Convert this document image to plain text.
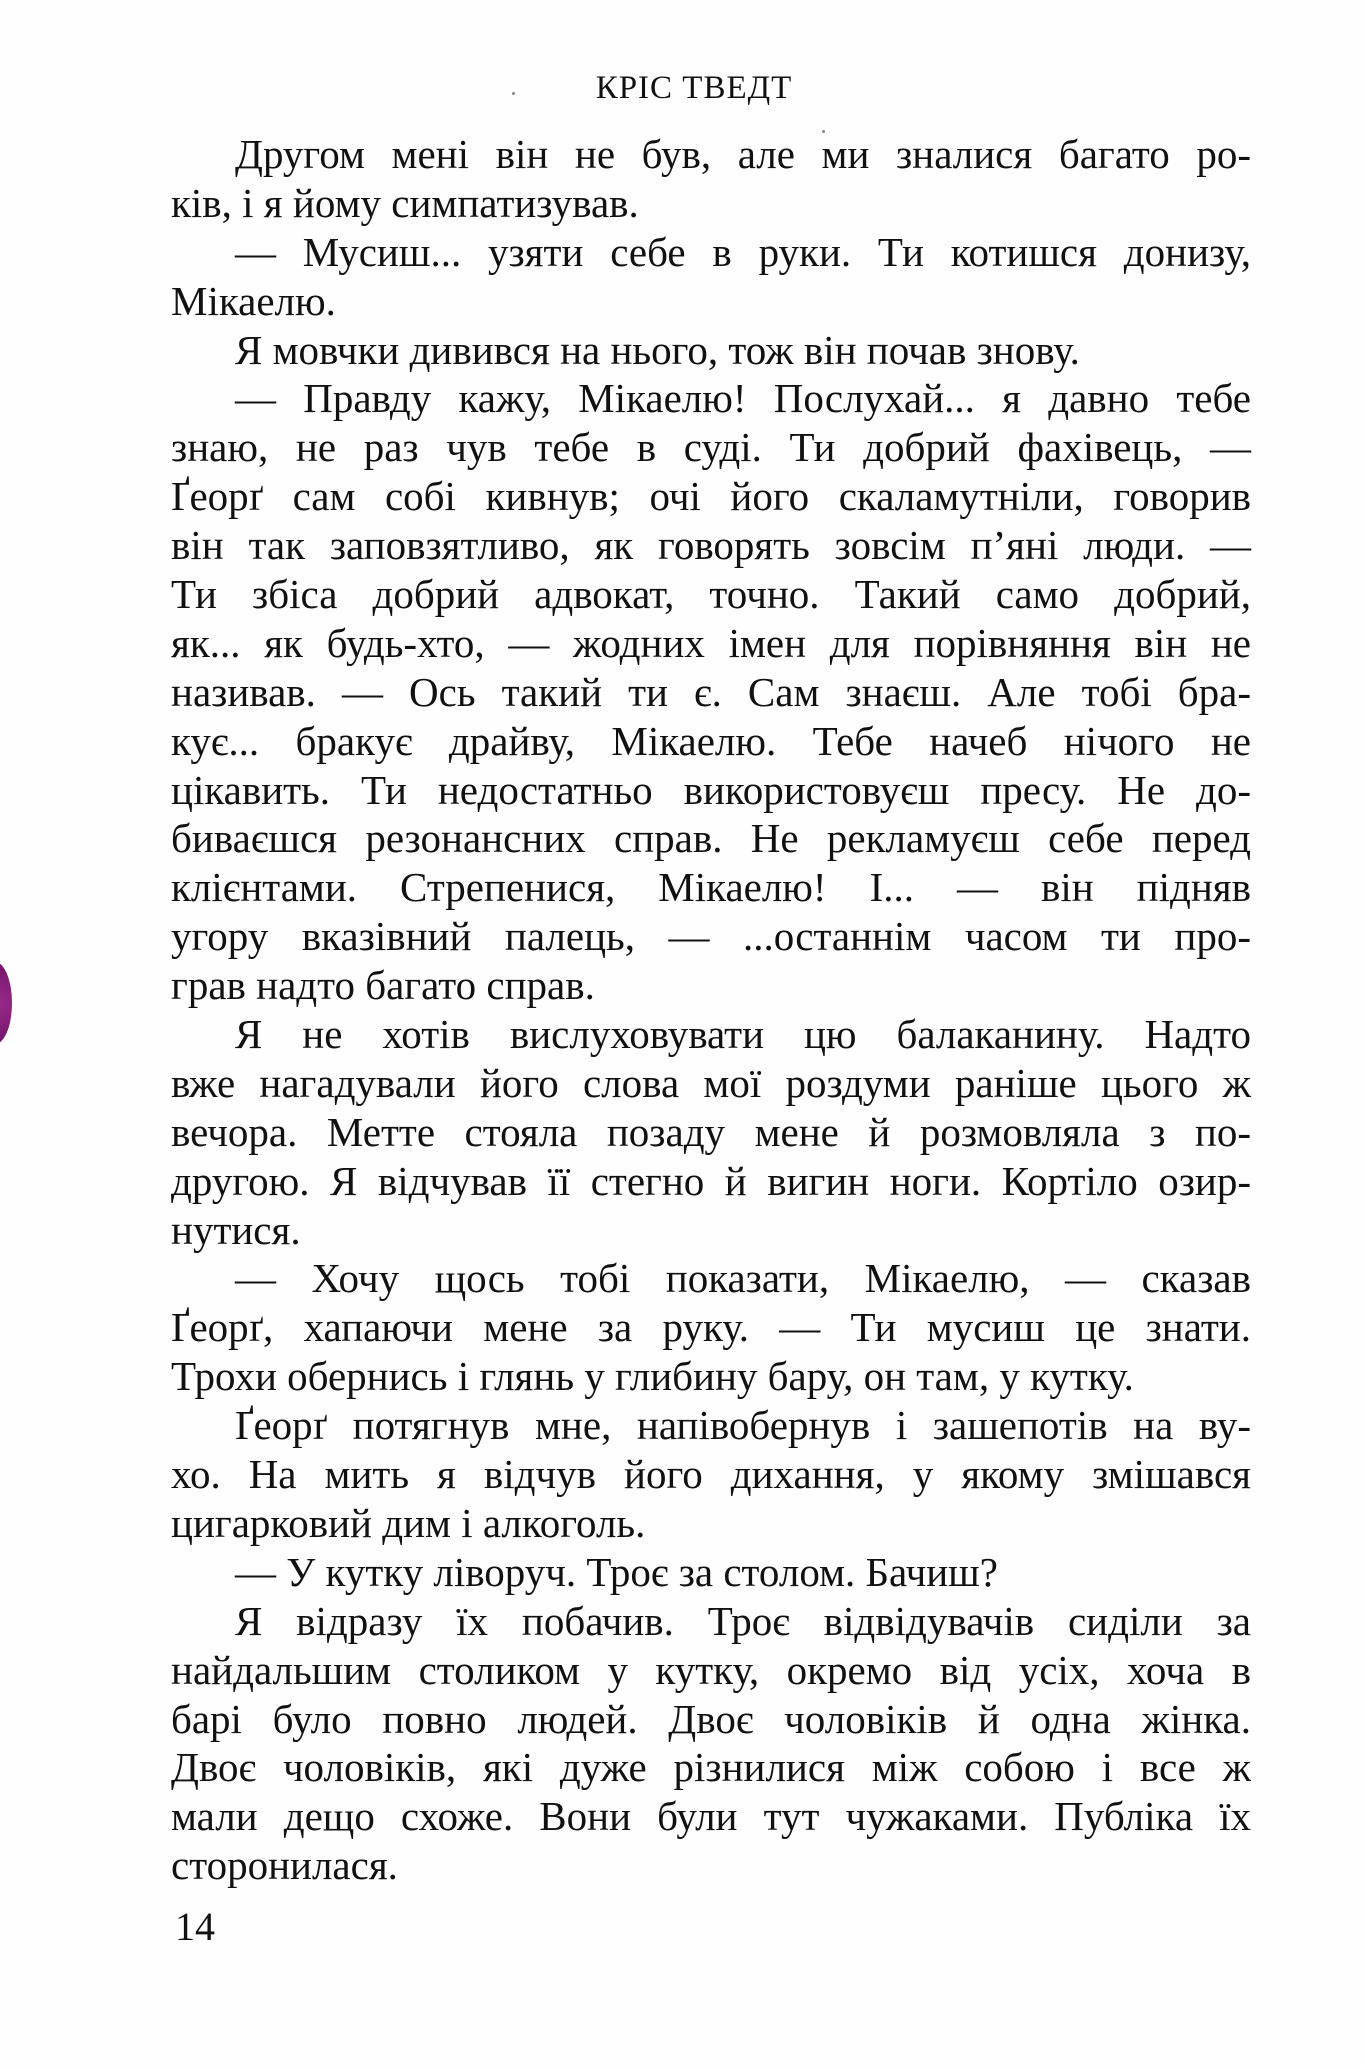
КРІС ТВЕДТ
Другом мені він не був, але ми зналися багато ро-
ків, і я йому симпатизував.
— Мусиш... узяти себе в руки. Ти котишся донизу,
Мікаелю.
Я мовчки дивився на нього, тож він почав знову.
— Правду кажу, Мікаелю! Послухай... я давно тебе
знаю, не раз чув тебе в суді. Ти добрий фахівець, —
Ґеорґ сам собі кивнув; очі його скаламутніли, говорив
він так заповзятливо, як говорять зовсім п’яні люди. —
Ти збіса добрий адвокат, точно. Такий само добрий,
як... як будь-хто, — жодних імен для порівняння він не
називав. — Ось такий ти є. Сам знаєш. Але тобі бра-
кує... бракує драйву, Мікаелю. Тебе начеб нічого не
цікавить. Ти недостатньо використовуєш пресу. Не до-
биваєшся резонансних справ. Не рекламуєш себе перед
клієнтами. Стрепенися, Мікаелю! І... — він підняв
угору вказівний палець, — ...останнім часом ти про-
грав надто багато справ.
Я не хотів вислуховувати цю балаканину. Надто
вже нагадували його слова мої роздуми раніше цього ж
вечора. Метте стояла позаду мене й розмовляла з по-
другою. Я відчував її стегно й вигин ноги. Кортіло озир-
нутися.
— Хочу щось тобі показати, Мікаелю, — сказав
Ґеорґ, хапаючи мене за руку. — Ти мусиш це знати.
Трохи обернись і глянь у глибину бару, он там, у кутку.
Ґеорґ потягнув мне, напівобернув і зашепотів на ву-
хо. На мить я відчув його дихання, у якому змішався
цигарковий дим і алкоголь.
— У кутку ліворуч. Троє за столом. Бачиш?
Я відразу їх побачив. Троє відвідувачів сиділи за
найдальшим столиком у кутку, окремо від усіх, хоча в
барі було повно людей. Двоє чоловіків й одна жінка.
Двоє чоловіків, які дуже різнилися між собою і все ж
мали дещо схоже. Вони були тут чужаками. Публіка їх
сторонилася.
14
